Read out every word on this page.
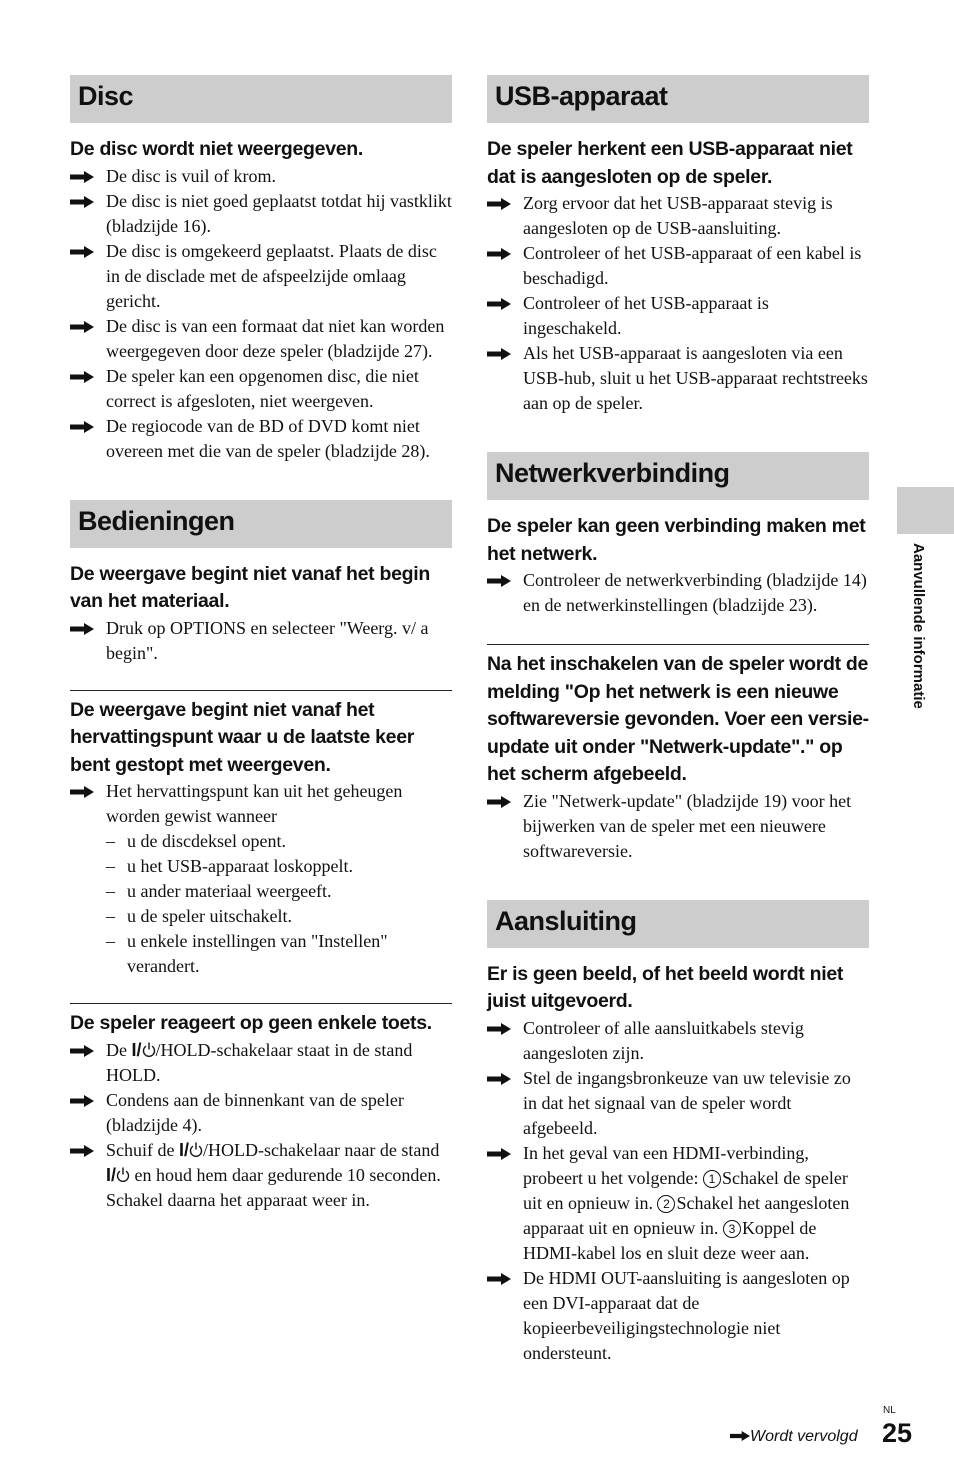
Disc
De disc wordt niet weergegeven.
De disc is vuil of krom.
De disc is niet goed geplaatst totdat hij vastklikt (bladzijde 16).
De disc is omgekeerd geplaatst. Plaats de disc in de disclade met de afspeelzijde omlaag gericht.
De disc is van een formaat dat niet kan worden weergegeven door deze speler (bladzijde 27).
De speler kan een opgenomen disc, die niet correct is afgesloten, niet weergeven.
De regiocode van de BD of DVD komt niet overeen met die van de speler (bladzijde 28).
Bedieningen
De weergave begint niet vanaf het begin van het materiaal.
Druk op OPTIONS en selecteer "Weerg. v/ a begin".
De weergave begint niet vanaf het hervattingspunt waar u de laatste keer bent gestopt met weergeven.
Het hervattingspunt kan uit het geheugen worden gewist wanneer
– u de discdeksel opent.
– u het USB-apparaat loskoppelt.
– u ander materiaal weergeeft.
– u de speler uitschakelt.
– u enkele instellingen van "Instellen" verandert.
De speler reageert op geen enkele toets.
De I/ /HOLD-schakelaar staat in de stand HOLD.
Condens aan de binnenkant van de speler (bladzijde 4).
Schuif de I/ /HOLD-schakelaar naar de stand I/ en houd hem daar gedurende 10 seconden. Schakel daarna het apparaat weer in.
USB-apparaat
De speler herkent een USB-apparaat niet dat is aangesloten op de speler.
Zorg ervoor dat het USB-apparaat stevig is aangesloten op de USB-aansluiting.
Controleer of het USB-apparaat of een kabel is beschadigd.
Controleer of het USB-apparaat is ingeschakeld.
Als het USB-apparaat is aangesloten via een USB-hub, sluit u het USB-apparaat rechtstreeks aan op de speler.
Netwerkverbinding
De speler kan geen verbinding maken met het netwerk.
Controleer de netwerkverbinding (bladzijde 14) en de netwerkinstellingen (bladzijde 23).
Na het inschakelen van de speler wordt de melding "Op het netwerk is een nieuwe softwareversie gevonden. Voer een versie-update uit onder "Netwerk-update"." op het scherm afgebeeld.
Zie "Netwerk-update" (bladzijde 19) voor het bijwerken van de speler met een nieuwere softwareversie.
Aansluiting
Er is geen beeld, of het beeld wordt niet juist uitgevoerd.
Controleer of alle aansluitkabels stevig aangesloten zijn.
Stel de ingangsbronkeuze van uw televisie zo in dat het signaal van de speler wordt afgebeeld.
In het geval van een HDMI-verbinding, probeert u het volgende: 1 Schakel de speler uit en opnieuw in. 2 Schakel het aangesloten apparaat uit en opnieuw in. 3 Koppel de HDMI-kabel los en sluit deze weer aan.
De HDMI OUT-aansluiting is aangesloten op een DVI-apparaat dat de kopieerbeveiligingstechnologie niet ondersteunt.
Aanvullende informatie
NL
Wordt vervolgd 25
